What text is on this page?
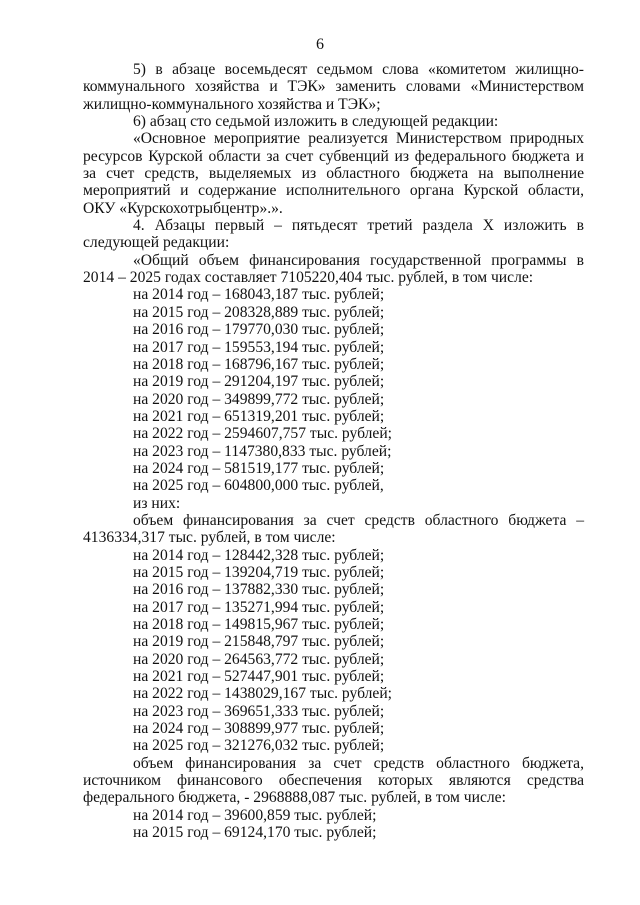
6

5) в абзаце восемьдесят седьмом слова «комитетом жилищно-коммунального хозяйства и ТЭК» заменить словами «Министерством жилищно-коммунального хозяйства и ТЭК»;

6) абзац сто седьмой изложить в следующей редакции:

«Основное мероприятие реализуется Министерством природных ресурсов Курской области за счет субвенций из федерального бюджета и за счет средств, выделяемых из областного бюджета на выполнение мероприятий и содержание исполнительного органа Курской области, ОКУ «Курскохотрыбцентр».».

4. Абзацы первый – пятьдесят третий раздела X изложить в следующей редакции:

«Общий объем финансирования государственной программы в 2014 – 2025 годах составляет 7105220,404 тыс. рублей, в том числе:

на 2014 год – 168043,187 тыс. рублей;
на 2015 год – 208328,889 тыс. рублей;
на 2016 год – 179770,030 тыс. рублей;
на 2017 год – 159553,194 тыс. рублей;
на 2018 год – 168796,167 тыс. рублей;
на 2019 год – 291204,197 тыс. рублей;
на 2020 год – 349899,772 тыс. рублей;
на 2021 год – 651319,201 тыс. рублей;
на 2022 год – 2594607,757 тыс. рублей;
на 2023 год – 1147380,833 тыс. рублей;
на 2024 год – 581519,177 тыс. рублей;
на 2025 год – 604800,000 тыс. рублей,
из них:

объем финансирования за счет средств областного бюджета – 4136334,317 тыс. рублей, в том числе:

на 2014 год – 128442,328 тыс. рублей;
на 2015 год – 139204,719 тыс. рублей;
на 2016 год – 137882,330 тыс. рублей;
на 2017 год – 135271,994 тыс. рублей;
на 2018 год – 149815,967 тыс. рублей;
на 2019 год – 215848,797 тыс. рублей;
на 2020 год – 264563,772 тыс. рублей;
на 2021 год – 527447,901 тыс. рублей;
на 2022 год – 1438029,167 тыс. рублей;
на 2023 год – 369651,333 тыс. рублей;
на 2024 год – 308899,977 тыс. рублей;
на 2025 год – 321276,032 тыс. рублей;

объем финансирования за счет средств областного бюджета, источником финансового обеспечения которых являются средства федерального бюджета, - 2968888,087 тыс. рублей, в том числе:

на 2014 год – 39600,859 тыс. рублей;
на 2015 год – 69124,170 тыс. рублей;
